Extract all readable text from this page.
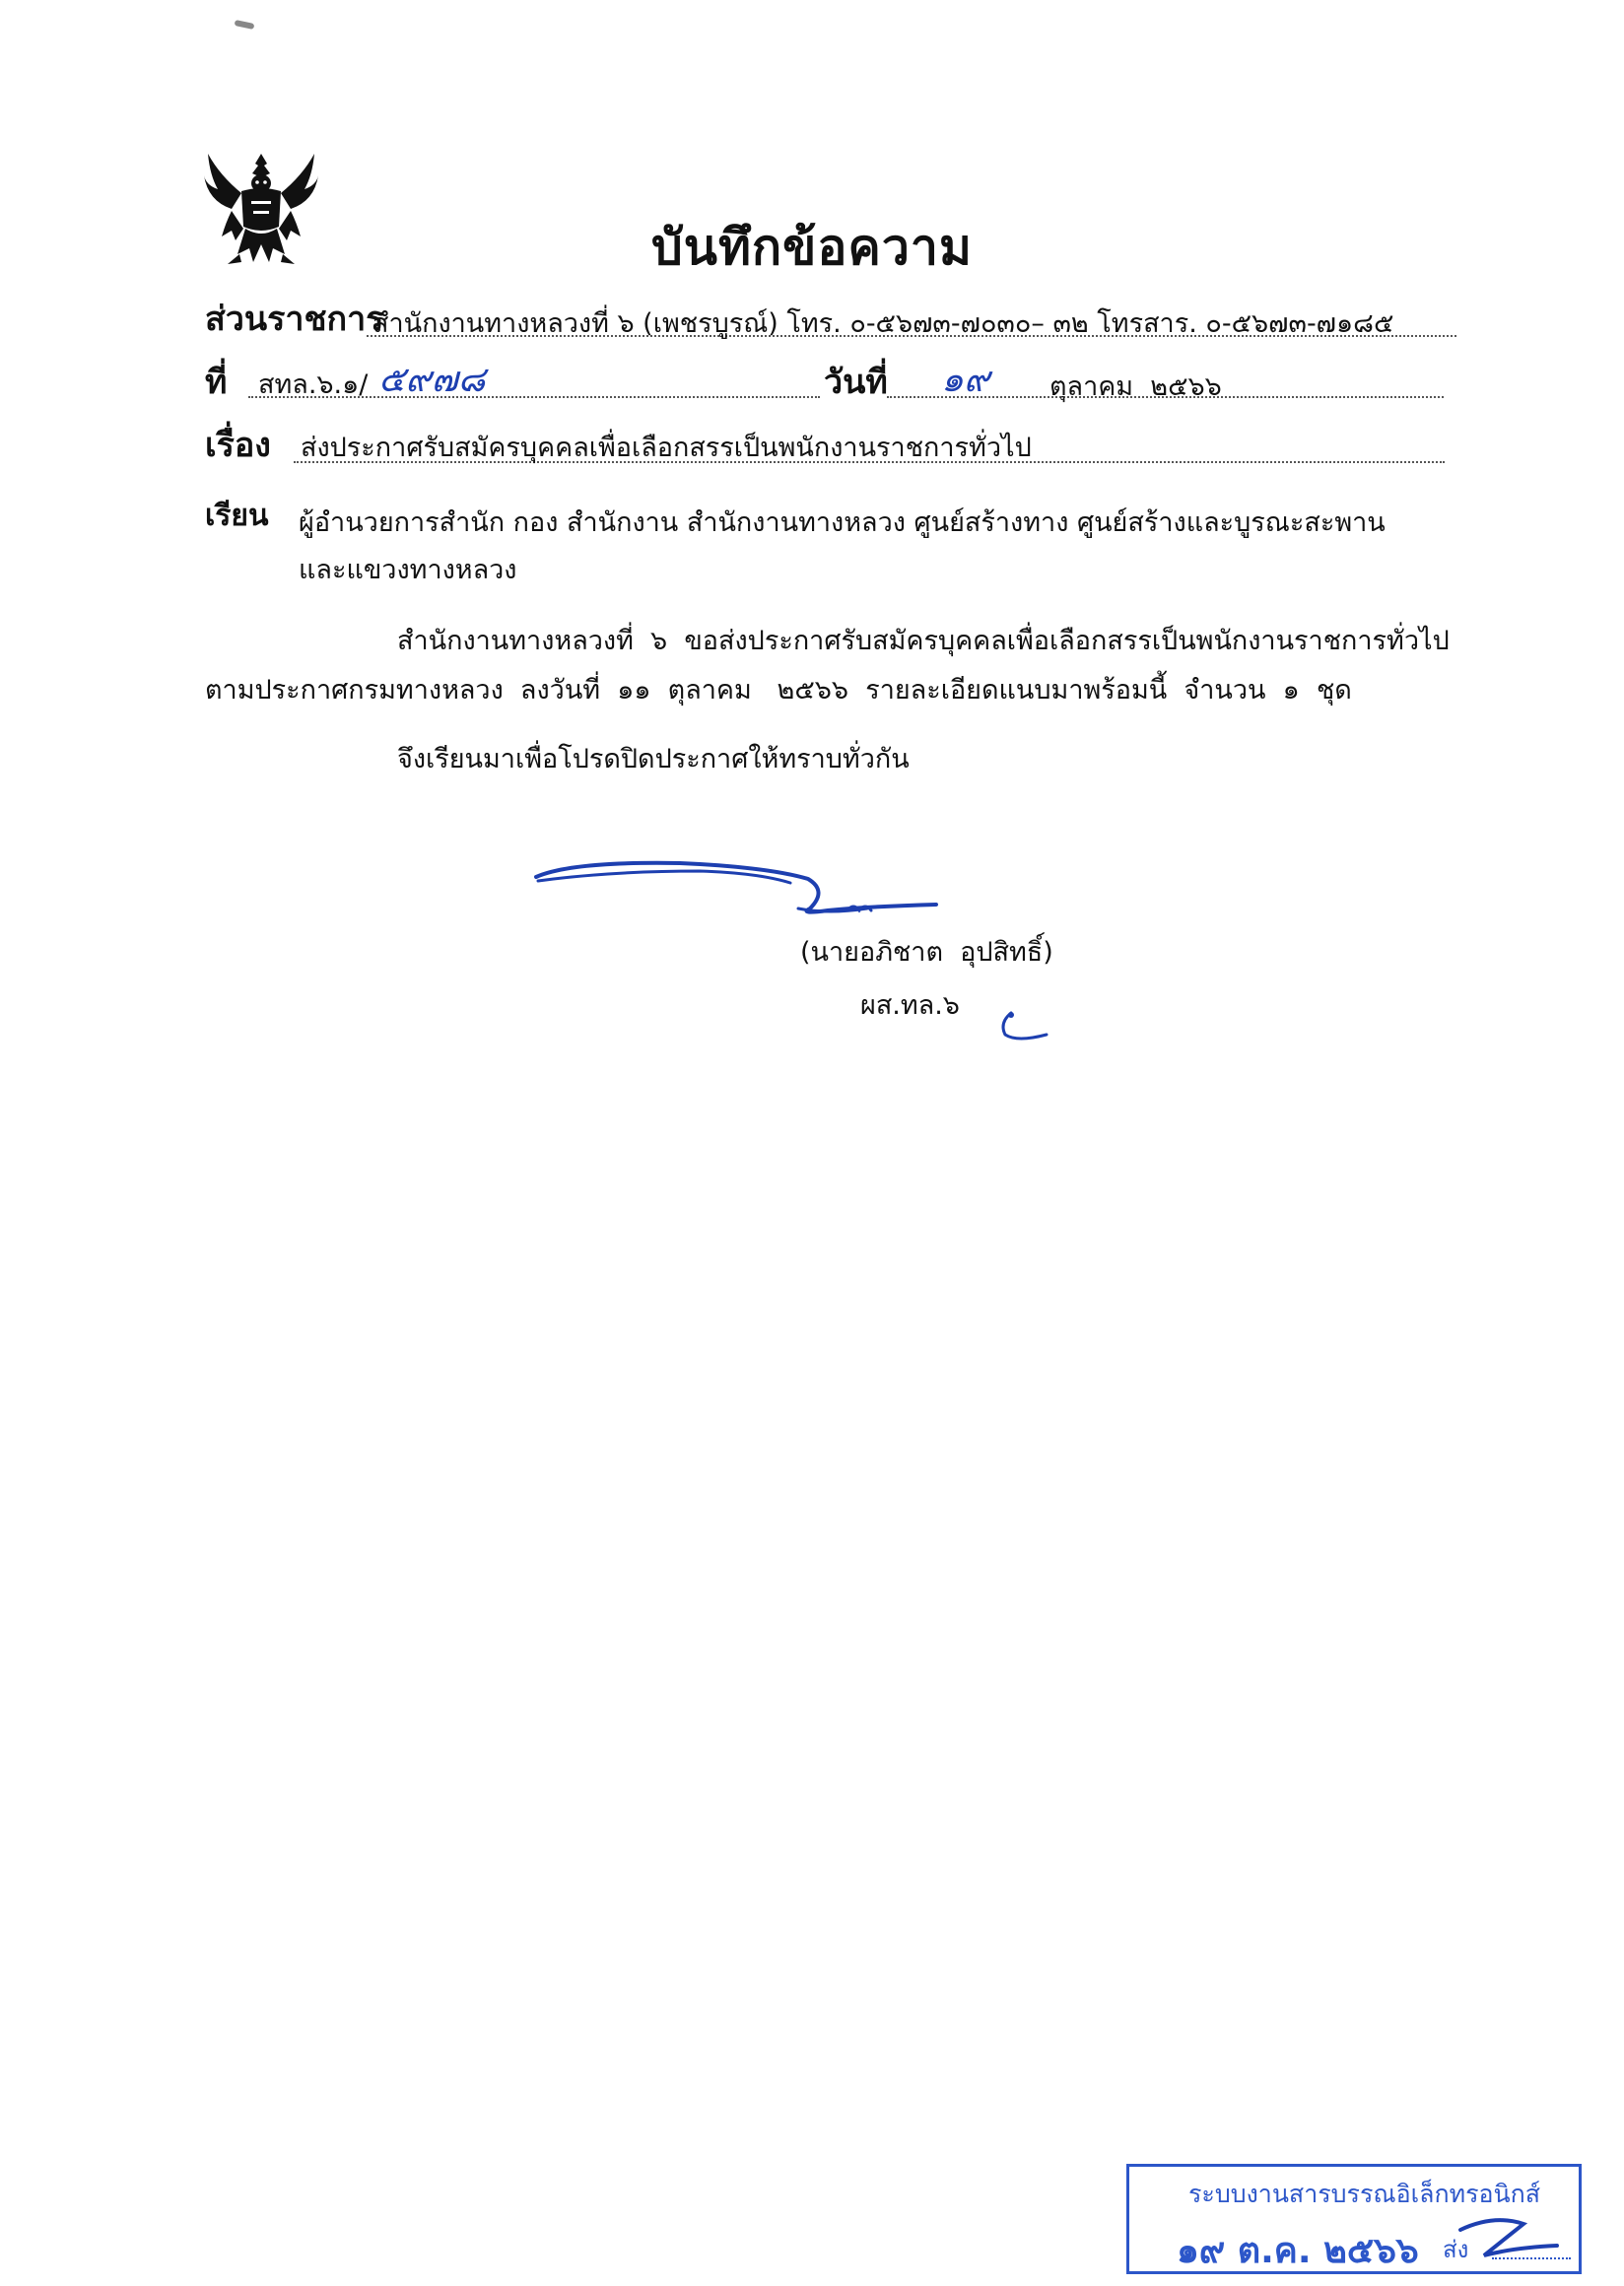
บันทึกข้อความ
ส่วนราชการ
สำนักงานทางหลวงที่ ๖ (เพชรบูรณ์) โทร. ๐-๕๖๗๓-๗๐๓๐– ๓๒ โทรสาร. ๐-๕๖๗๓-๗๑๘๕
ที่ สทล.๖.๑/ ๕๙๗๘	วันที่ ๑๙ ตุลาคม  ๒๕๖๖
เรื่อง ส่งประกาศรับสมัครบุคคลเพื่อเลือกสรรเป็นพนักงานราชการทั่วไป
เรียน ผู้อำนวยการสำนัก กอง สำนักงาน สำนักงานทางหลวง ศูนย์สร้างทาง ศูนย์สร้างและบูรณะสะพาน
และแขวงทางหลวง
สำนักงานทางหลวงที่  ๖  ขอส่งประกาศรับสมัครบุคคลเพื่อเลือกสรรเป็นพนักงานราชการทั่วไป
ตามประกาศกรมทางหลวง  ลงวันที่  ๑๑  ตุลาคม   ๒๕๖๖  รายละเอียดแนบมาพร้อมนี้  จำนวน  ๑  ชุด
จึงเรียนมาเพื่อโปรดปิดประกาศให้ทราบทั่วกัน
(นายอภิชาต  อุปสิทธิ์)
ผส.ทล.๖
ระบบงานสารบรรณอิเล็กทรอนิกส์
๑๙ ต.ค. ๒๕๖๖ ส่ง
